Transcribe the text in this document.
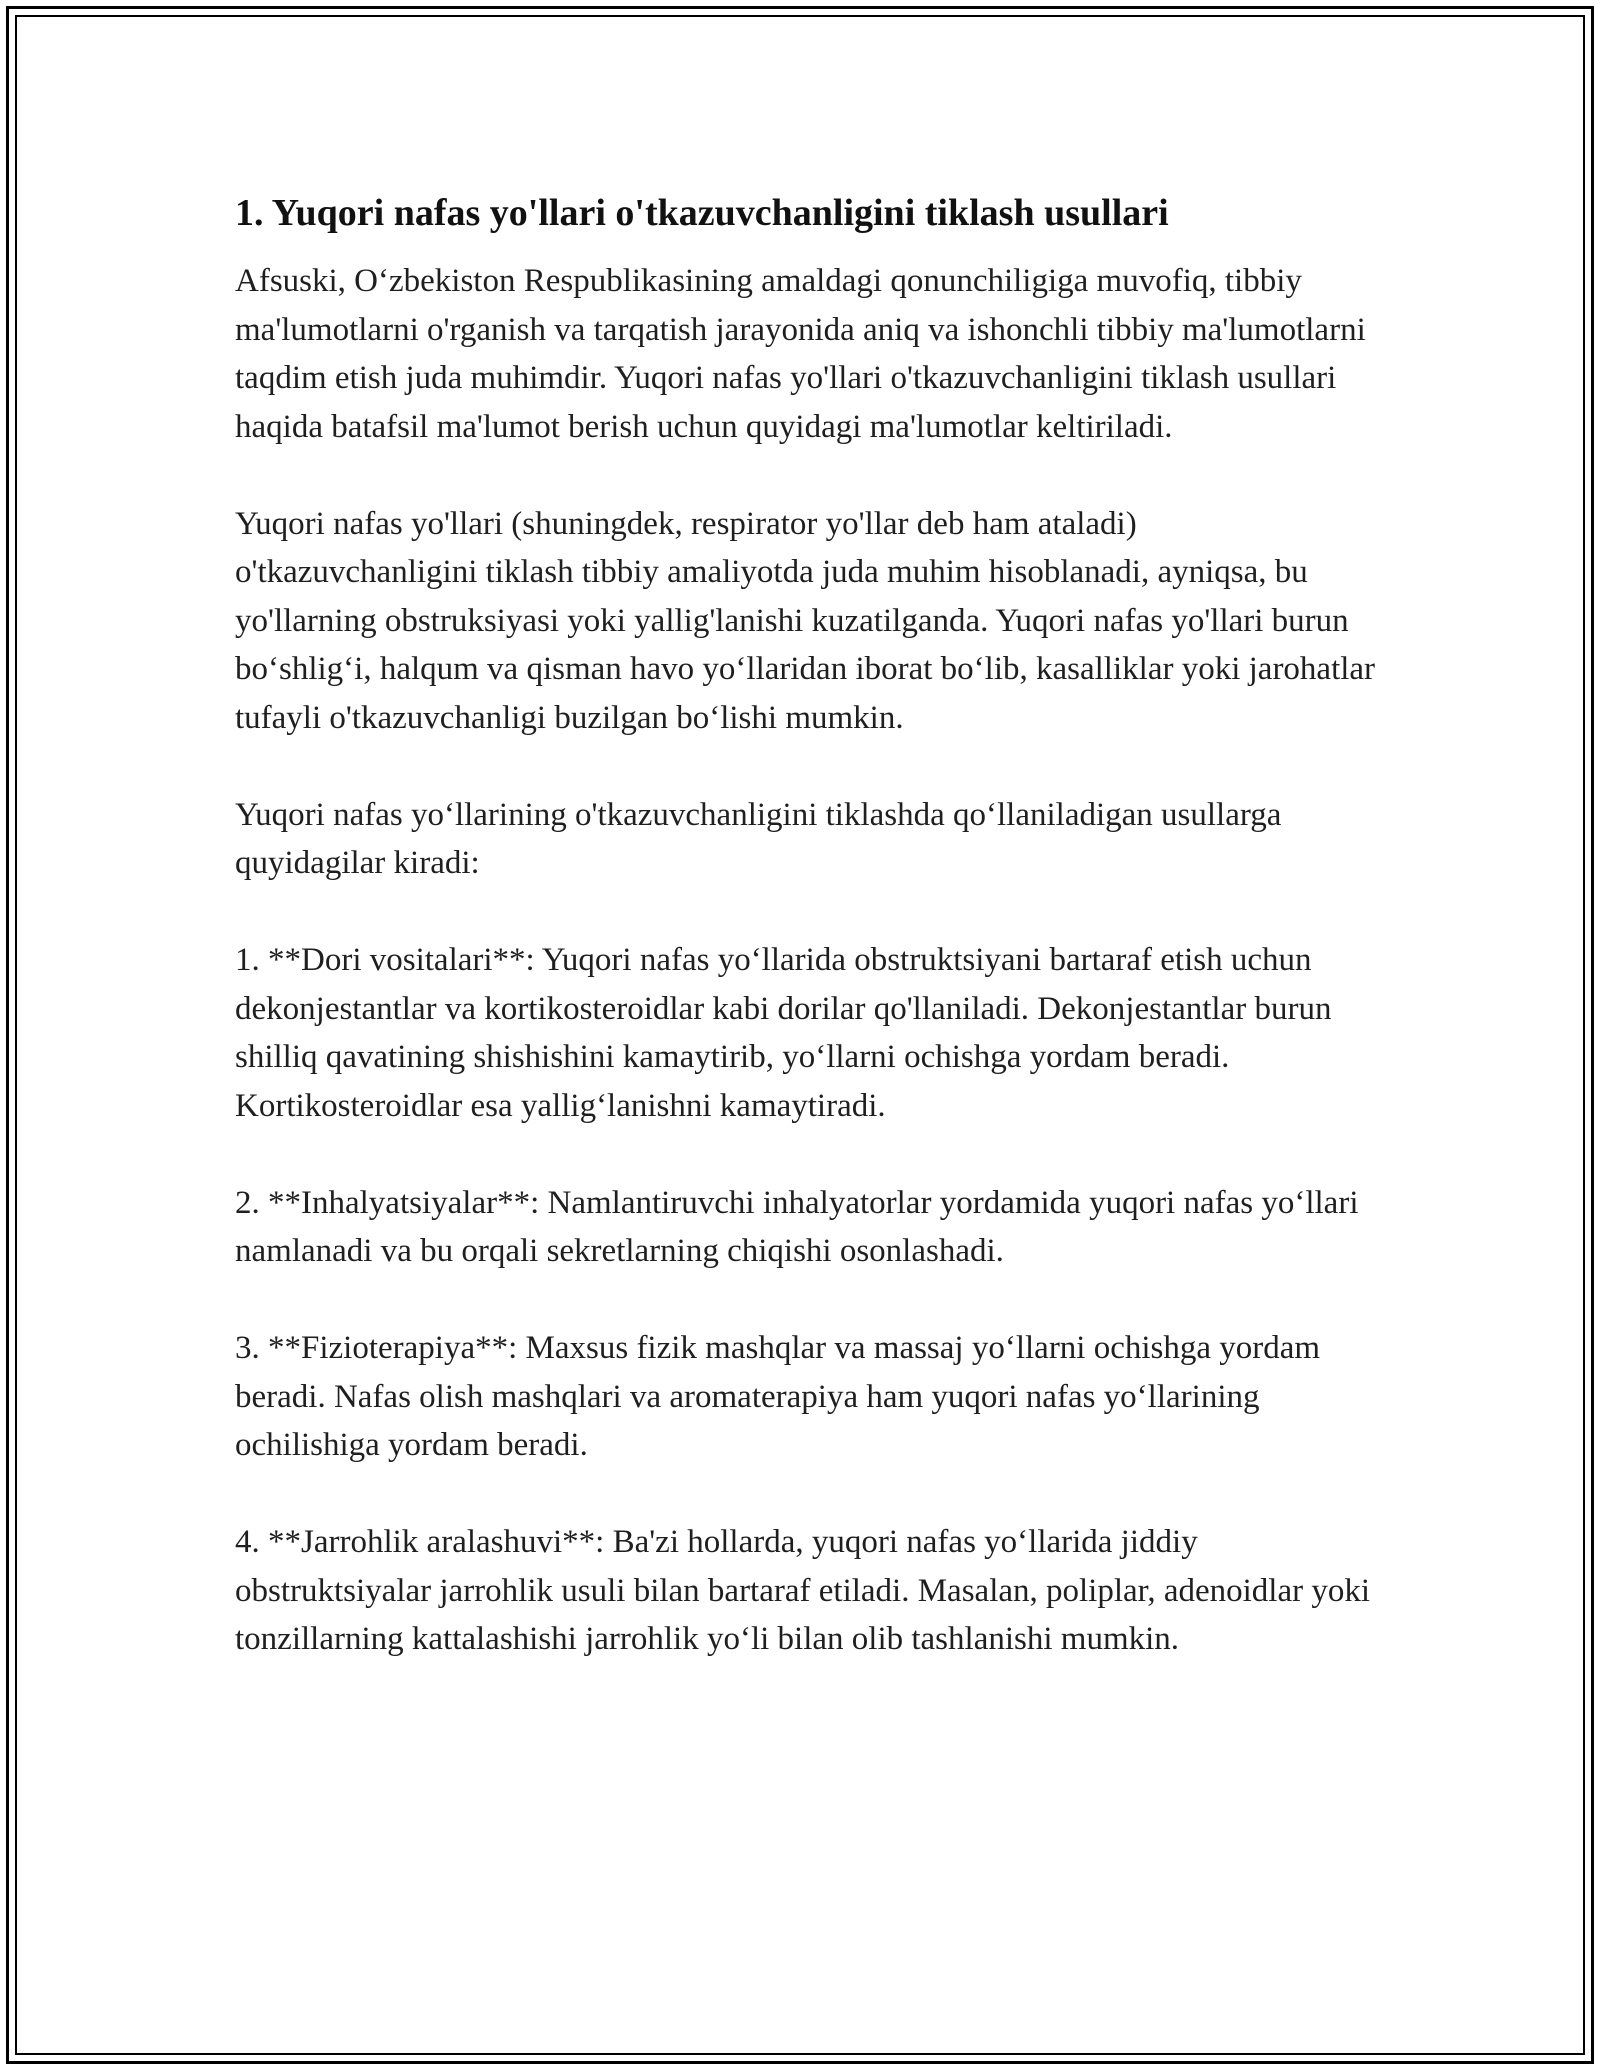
1. Yuqori nafas yo'llari o'tkazuvchanligini tiklash usullari

Afsuski, O‘zbekiston Respublikasining amaldagi qonunchiligiga muvofiq, tibbiy ma'lumotlarni o'rganish va tarqatish jarayonida aniq va ishonchli tibbiy ma'lumotlarni taqdim etish juda muhimdir. Yuqori nafas yo'llari o'tkazuvchanligini tiklash usullari haqida batafsil ma'lumot berish uchun quyidagi ma'lumotlar keltiriladi.

Yuqori nafas yo'llari (shuningdek, respirator yo'llar deb ham ataladi) o'tkazuvchanligini tiklash tibbiy amaliyotda juda muhim hisoblanadi, ayniqsa, bu yo'llarning obstruksiyasi yoki yallig'lanishi kuzatilganda. Yuqori nafas yo'llari burun bo‘shlig‘i, halqum va qisman havo yo‘llaridan iborat bo‘lib, kasalliklar yoki jarohatlar tufayli o'tkazuvchanligi buzilgan bo‘lishi mumkin.

Yuqori nafas yo‘llarining o'tkazuvchanligini tiklashda qo‘llaniladigan usullarga quyidagilar kiradi:

1. **Dori vositalari**: Yuqori nafas yo‘llarida obstruktsiyani bartaraf etish uchun dekonjestantlar va kortikosteroidlar kabi dorilar qo'llaniladi. Dekonjestantlar burun shilliq qavatining shishishini kamaytirib, yo‘llarni ochishga yordam beradi. Kortikosteroidlar esa yallig‘lanishni kamaytiradi.

2. **Inhalyatsiyalar**: Namlantiruvchi inhalyatorlar yordamida yuqori nafas yo‘llari namlanadi va bu orqali sekretlarning chiqishi osonlashadi.

3. **Fizioterapiya**: Maxsus fizik mashqlar va massaj yo‘llarni ochishga yordam beradi. Nafas olish mashqlari va aromaterapiya ham yuqori nafas yo‘llarining ochilishiga yordam beradi.

4. **Jarrohlik aralashuvi**: Ba'zi hollarda, yuqori nafas yo‘llarida jiddiy obstruktsiyalar jarrohlik usuli bilan bartaraf etiladi. Masalan, poliplar, adenoidlar yoki tonzillarning kattalashishi jarrohlik yo‘li bilan olib tashlanishi mumkin.
